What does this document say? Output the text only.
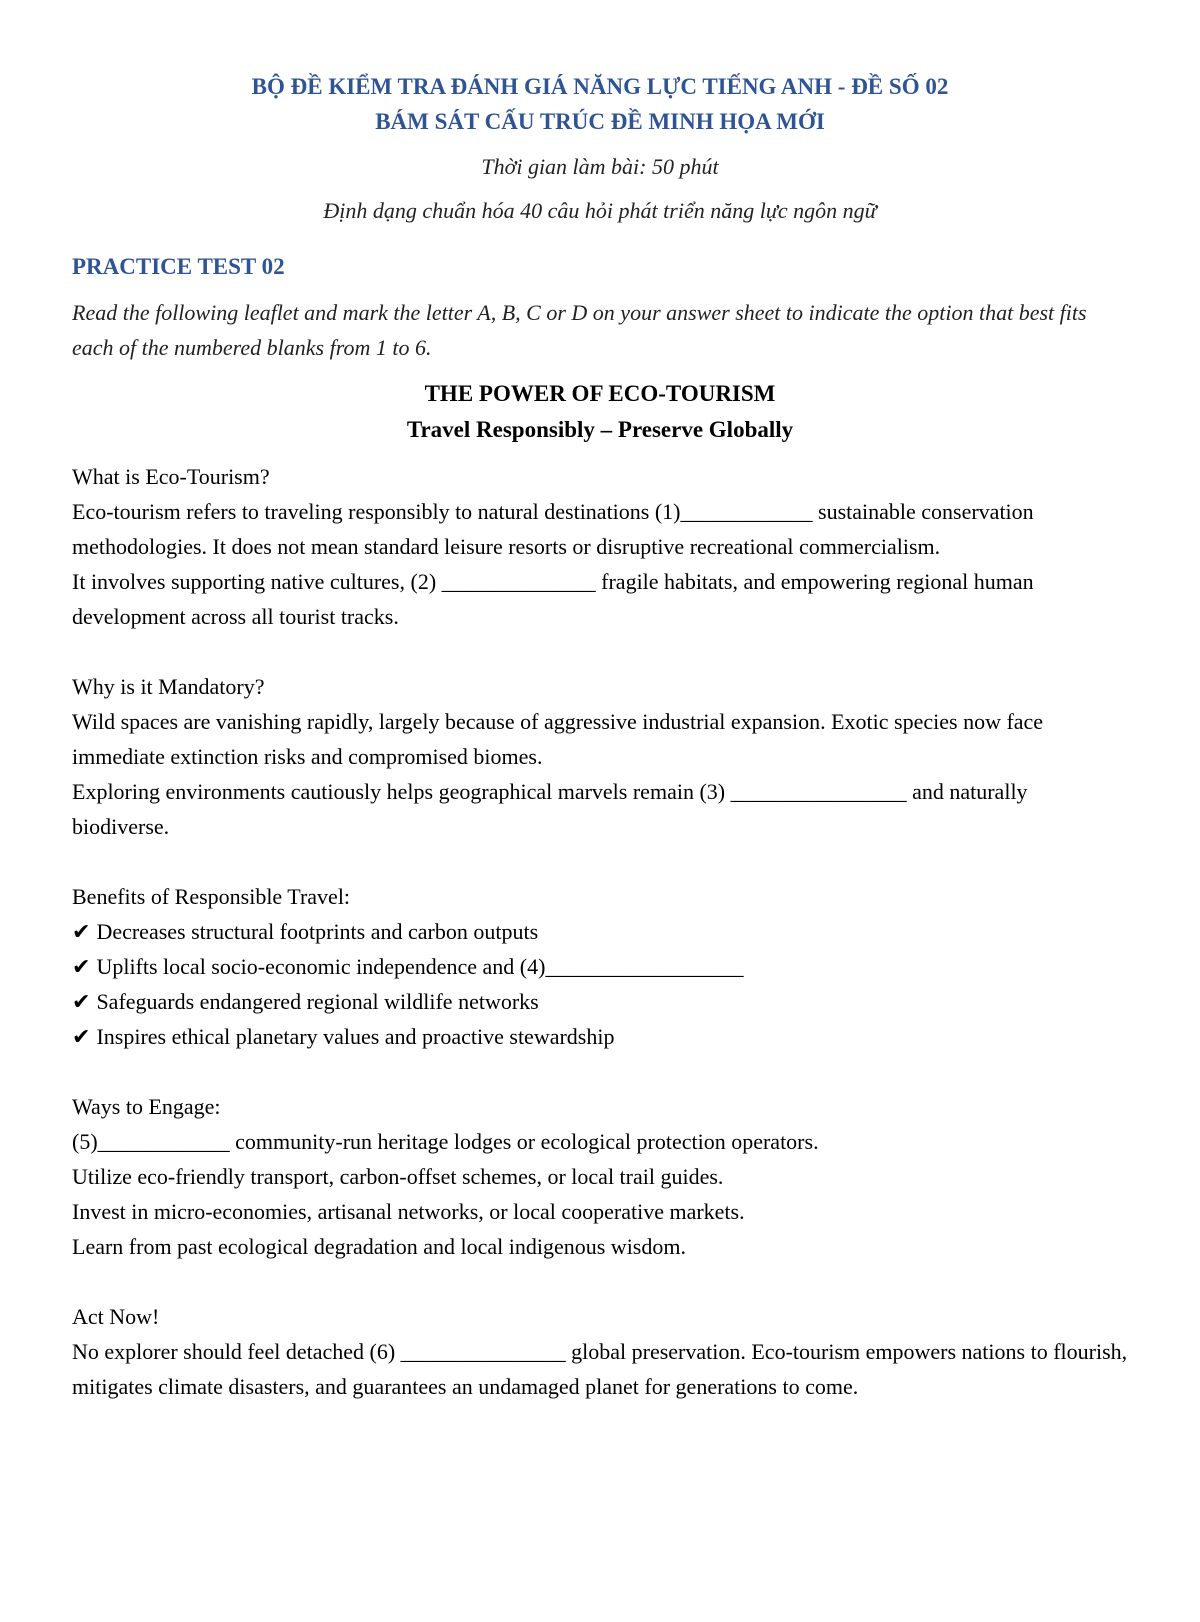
BỘ ĐỀ KIỂM TRA ĐÁNH GIÁ NĂNG LỰC TIẾNG ANH - ĐỀ SỐ 02
BÁM SÁT CẤU TRÚC ĐỀ MINH HỌA MỚI
Thời gian làm bài: 50 phút
Định dạng chuẩn hóa 40 câu hỏi phát triển năng lực ngôn ngữ
PRACTICE TEST 02
Read the following leaflet and mark the letter A, B, C or D on your answer sheet to indicate the option that best fits each of the numbered blanks from 1 to 6.
THE POWER OF ECO-TOURISM
Travel Responsibly – Preserve Globally

What is Eco-Tourism?

Eco-tourism refers to traveling responsibly to natural destinations (1)____________ sustainable conservation methodologies. It does not mean standard leisure resorts or disruptive recreational commercialism.

It involves supporting native cultures, (2) ______________ fragile habitats, and empowering regional human development across all tourist tracks.

Why is it Mandatory?

Wild spaces are vanishing rapidly, largely because of aggressive industrial expansion. Exotic species now face immediate extinction risks and compromised biomes.

Exploring environments cautiously helps geographical marvels remain (3) ________________ and naturally biodiverse.

Benefits of Responsible Travel:

✔ Decreases structural footprints and carbon outputs

✔ Uplifts local socio-economic independence and (4)__________________

✔ Safeguards endangered regional wildlife networks

✔ Inspires ethical planetary values and proactive stewardship

Ways to Engage:

(5)____________ community-run heritage lodges or ecological protection operators.

Utilize eco-friendly transport, carbon-offset schemes, or local trail guides.

Invest in micro-economies, artisanal networks, or local cooperative markets.

Learn from past ecological degradation and local indigenous wisdom.

Act Now!

No explorer should feel detached (6) _______________ global preservation. Eco-tourism empowers nations to flourish, mitigates climate disasters, and guarantees an undamaged planet for generations to come.
